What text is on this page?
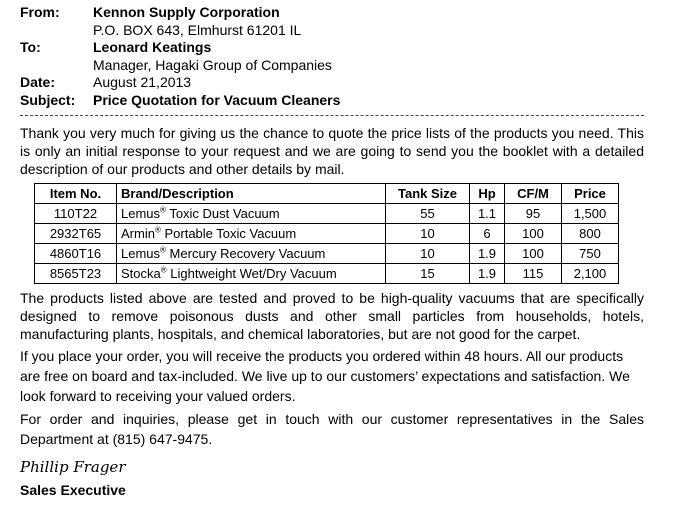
From:	Kennon Supply Corporation
P.O. BOX 643, Elmhurst 61201 IL
To:	Leonard Keatings
Manager, Hagaki Group of Companies
Date:	August 21,2013
Subject:	Price Quotation for Vacuum Cleaners

Thank you very much for giving us the chance to quote the price lists of the products you need. This is only an initial response to your request and we are going to send you the booklet with a detailed description of our products and other details by mail.

Item No.	Brand/Description	Tank Size	Hp	CF/M	Price
110T22	Lemus® Toxic Dust Vacuum	55	1.1	95	1,500
2932T65	Armin® Portable Toxic Vacuum	10	6	100	800
4860T16	Lemus® Mercury Recovery Vacuum	10	1.9	100	750
8565T23	Stocka® Lightweight Wet/Dry Vacuum	15	1.9	115	2,100

The products listed above are tested and proved to be high-quality vacuums that are specifically designed to remove poisonous dusts and other small particles from households, hotels, manufacturing plants, hospitals, and chemical laboratories, but are not good for the carpet.

If you place your order, you will receive the products you ordered within 48 hours. All our products are free on board and tax-included. We live up to our customers’ expectations and satisfaction. We look forward to receiving your valued orders.

For order and inquiries, please get in touch with our customer representatives in the Sales Department at (815) 647-9475.

Phillip Frager
Sales Executive
